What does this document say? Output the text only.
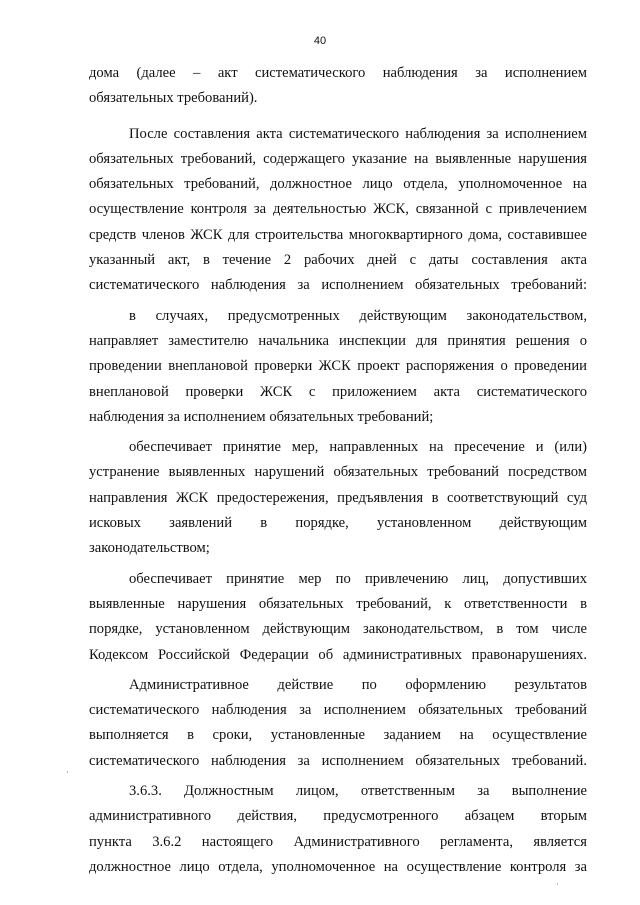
40
дома (далее – акт систематического наблюдения за исполнением
обязательных требований).
После составления акта систематического наблюдения за исполнением
обязательных требований, содержащего указание на выявленные нарушения
обязательных требований, должностное лицо отдела, уполномоченное на
осуществление контроля за деятельностью ЖСК, связанной с привлечением
средств членов ЖСК для строительства многоквартирного дома, составившее
указанный акт, в течение 2 рабочих дней с даты составления акта
систематического наблюдения за исполнением обязательных требований:
в случаях, предусмотренных действующим законодательством,
направляет заместителю начальника инспекции для принятия решения о
проведении внеплановой проверки ЖСК проект распоряжения о проведении
внеплановой проверки ЖСК с приложением акта систематического
наблюдения за исполнением обязательных требований;
обеспечивает принятие мер, направленных на пресечение и (или)
устранение выявленных нарушений обязательных требований посредством
направления ЖСК предостережения, предъявления в соответствующий суд
исковых заявлений в порядке, установленном действующим
законодательством;
обеспечивает принятие мер по привлечению лиц, допустивших
выявленные нарушения обязательных требований, к ответственности в
порядке, установленном действующим законодательством, в том числе
Кодексом Российской Федерации об административных правонарушениях.
Административное действие по оформлению результатов
систематического наблюдения за исполнением обязательных требований
выполняется в сроки, установленные заданием на осуществление
систематического наблюдения за исполнением обязательных требований.
3.6.3. Должностным лицом, ответственным за выполнение
административного действия, предусмотренного абзацем вторым
пункта 3.6.2 настоящего Административного регламента, является
должностное лицо отдела, уполномоченное на осуществление контроля за
·
·
